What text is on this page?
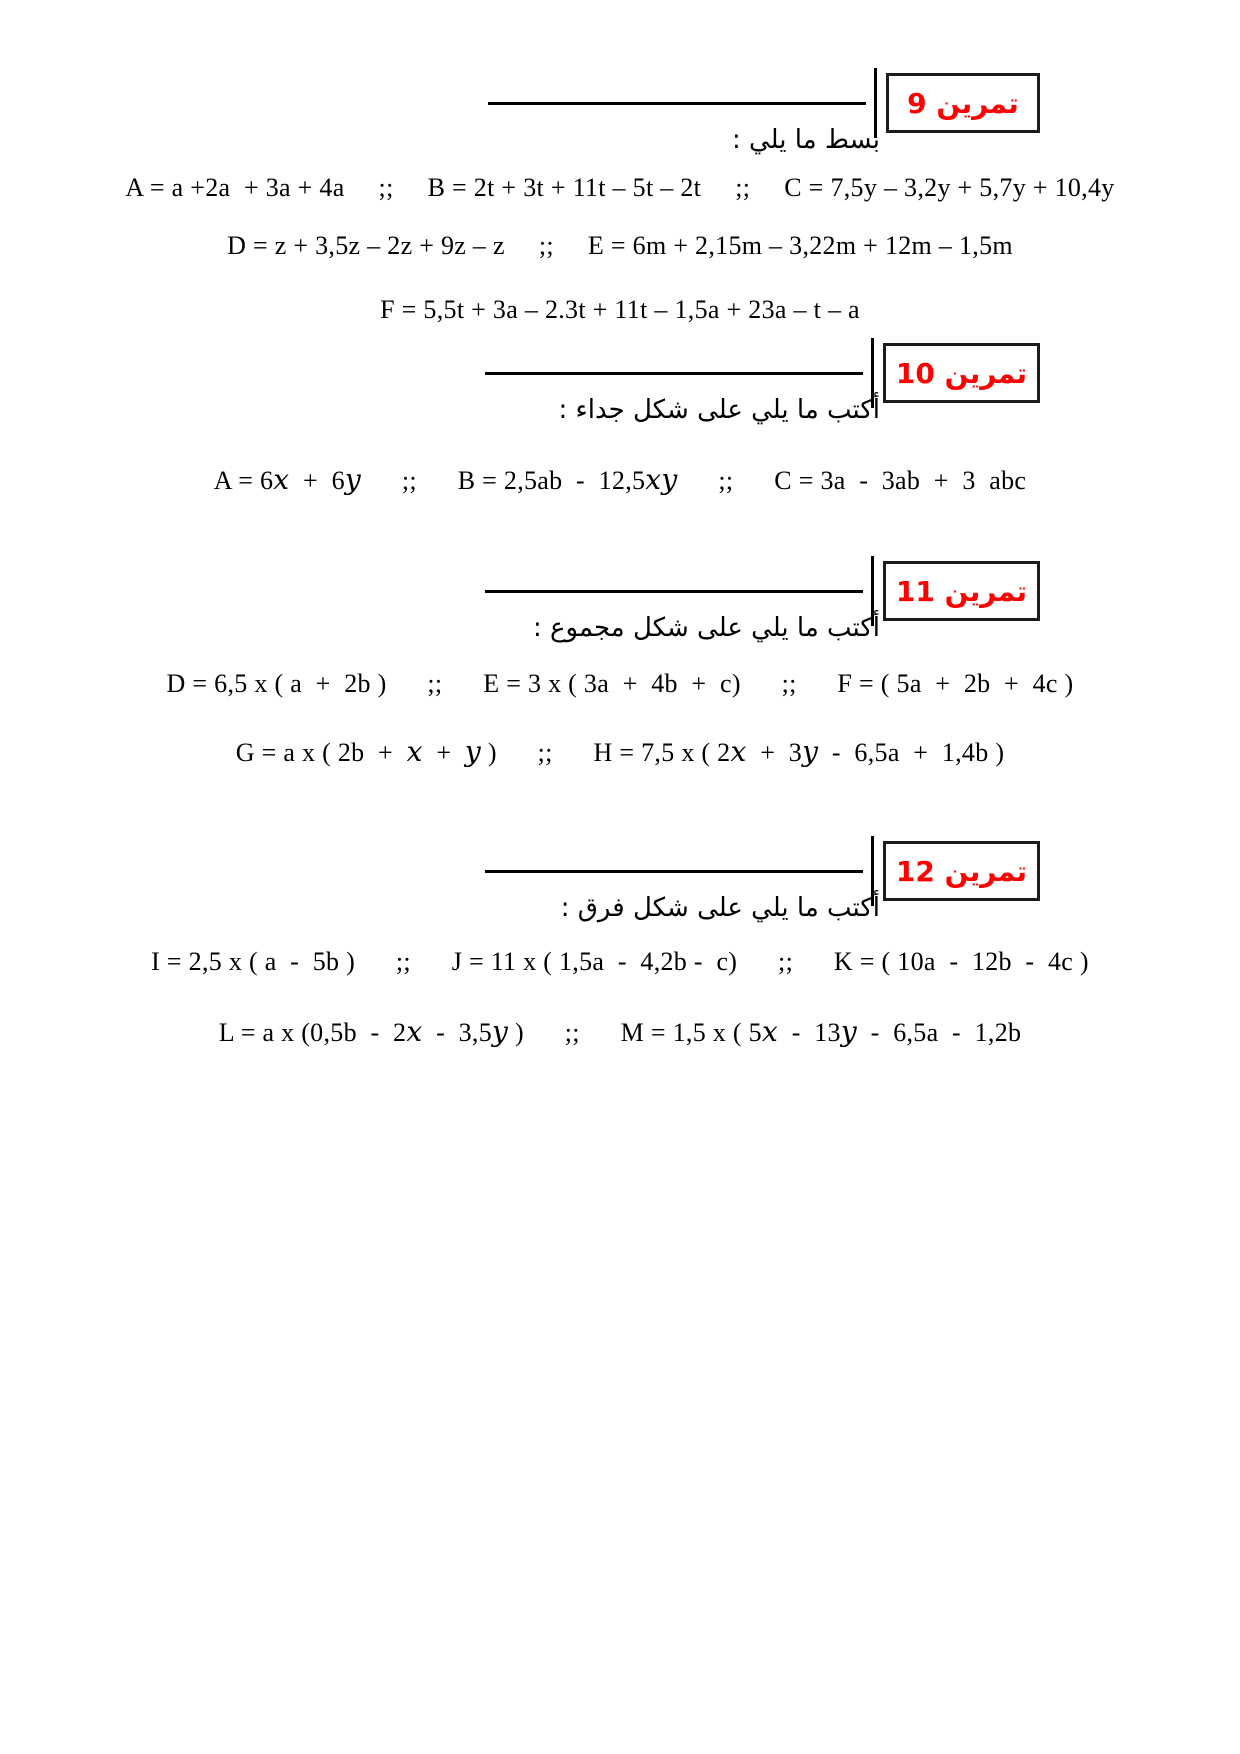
تمرين 9
بسط ما يلي :
A = a +2a  + 3a + 4a     ;;     B = 2t + 3t + 11t – 5t – 2t     ;;     C = 7,5y – 3,2y + 5,7y + 10,4y
D = z + 3,5z – 2z + 9z – z     ;;     E = 6m + 2,15m – 3,22m + 12m – 1,5m
F = 5,5t + 3a – 2.3t + 11t – 1,5a + 23a – t – a
تمرين 10
أكتب ما يلي على شكل جداء :
A = 6x  +  6y      ;;      B = 2,5ab  -  12,5xy      ;;      C = 3a  -  3ab  +  3  abc
تمرين 11
أكتب ما يلي على شكل مجموع :
D = 6,5 x ( a  +  2b )      ;;      E = 3 x ( 3a  +  4b  +  c)      ;;      F = ( 5a  +  2b  +  4c )
G = a x ( 2b  +  x  +  y )      ;;      H = 7,5 x ( 2x  +  3y  -  6,5a  +  1,4b )
تمرين 12
أكتب ما يلي على شكل فرق :
I = 2,5 x ( a  -  5b )      ;;      J = 11 x ( 1,5a  -  4,2b -  c)      ;;      K = ( 10a  -  12b  -  4c )
L = a x (0,5b  -  2x  -  3,5y )      ;;      M = 1,5 x ( 5x  -  13y  -  6,5a  -  1,2b
